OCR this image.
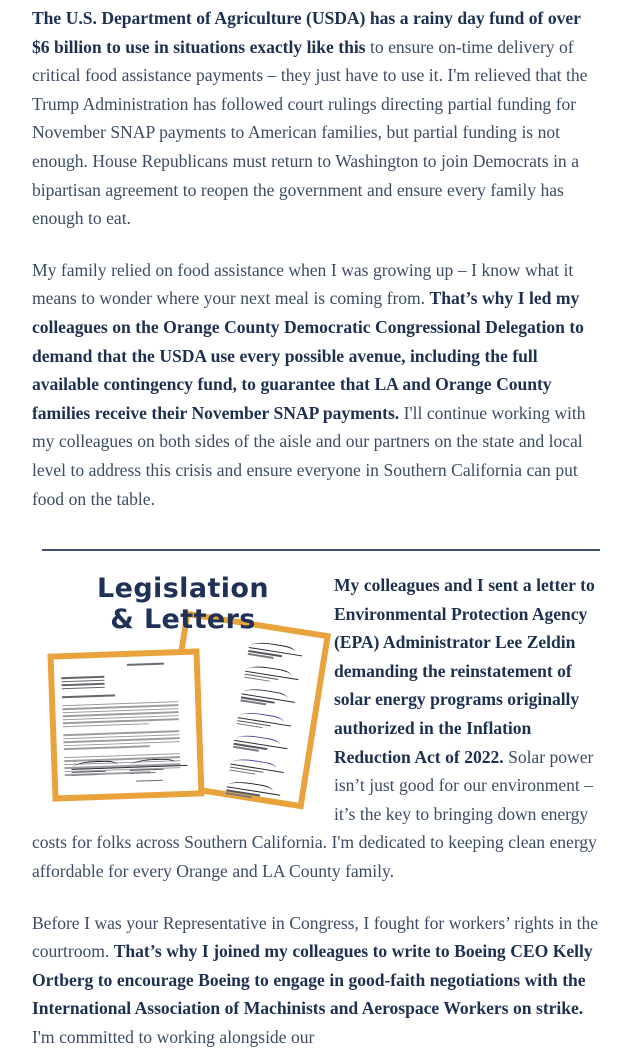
The U.S. Department of Agriculture (USDA) has a rainy day fund of over $6 billion to use in situations exactly like this to ensure on-time delivery of critical food assistance payments – they just have to use it. I'm relieved that the Trump Administration has followed court rulings directing partial funding for November SNAP payments to American families, but partial funding is not enough. House Republicans must return to Washington to join Democrats in a bipartisan agreement to reopen the government and ensure every family has enough to eat.

My family relied on food assistance when I was growing up – I know what it means to wonder where your next meal is coming from. That’s why I led my colleagues on the Orange County Democratic Congressional Delegation to demand that the USDA use every possible avenue, including the full available contingency fund, to guarantee that LA and Orange County families receive their November SNAP payments. I'll continue working with my colleagues on both sides of the aisle and our partners on the state and local level to address this crisis and ensure everyone in Southern California can put food on the table.

Legislation
& Letters

My colleagues and I sent a letter to Environmental Protection Agency (EPA) Administrator Lee Zeldin demanding the reinstatement of solar energy programs originally authorized in the Inflation Reduction Act of 2022. Solar power isn’t just good for our environment – it’s the key to bringing down energy costs for folks across Southern California. I'm dedicated to keeping clean energy affordable for every Orange and LA County family.

Before I was your Representative in Congress, I fought for workers’ rights in the courtroom. That’s why I joined my colleagues to write to Boeing CEO Kelly Ortberg to encourage Boeing to engage in good-faith negotiations with the International Association of Machinists and Aerospace Workers on strike. I'm committed to working alongside our
